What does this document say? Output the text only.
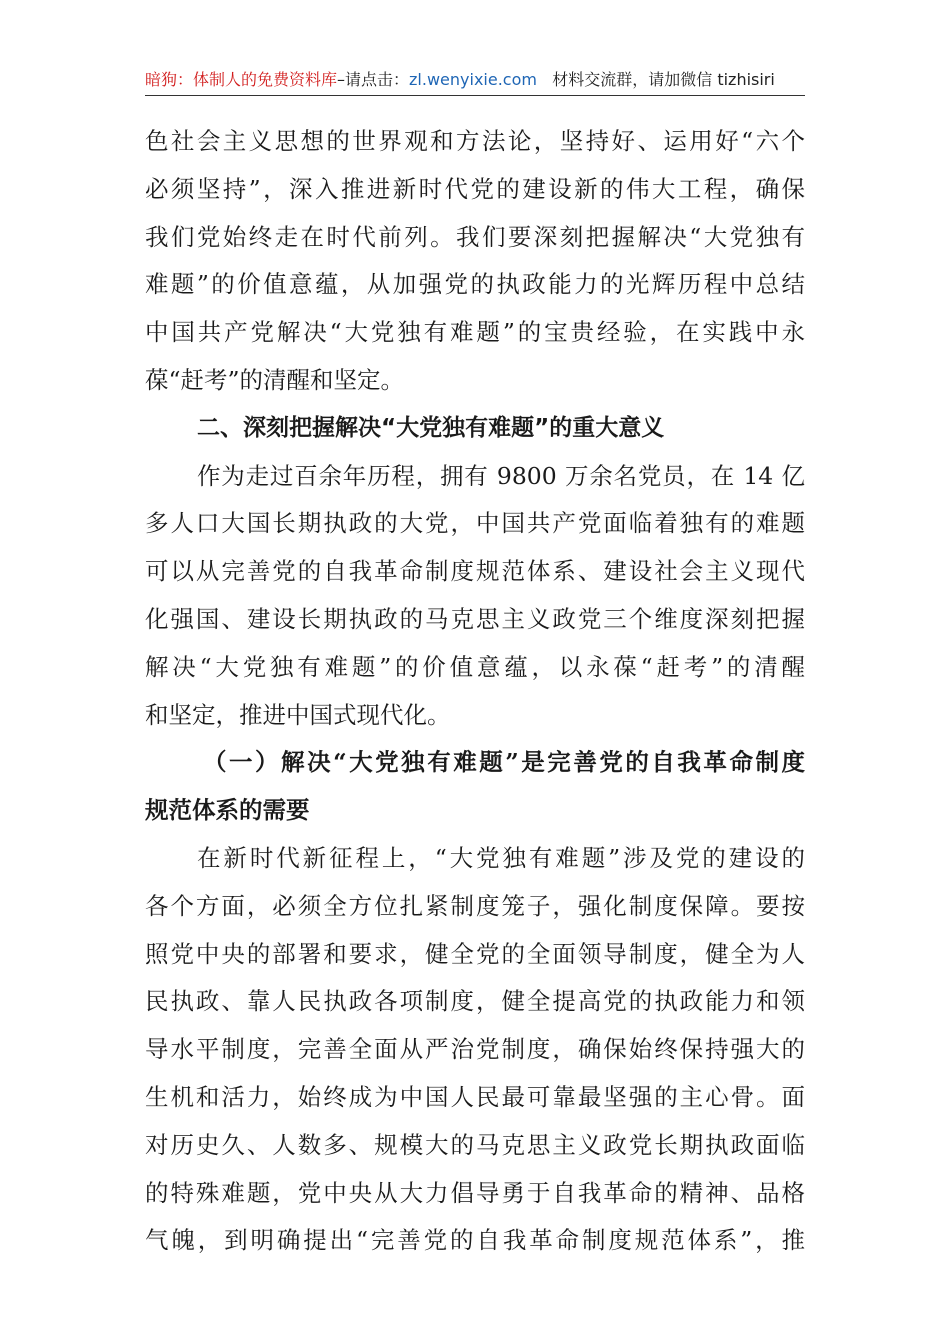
暗狗：体制人的免费资料库–请点击：zl.wenyixie.com 材料交流群，请加微信 tizhisiri
色社会主义思想的世界观和方法论，坚持好、运用好“六个
必须坚持”，深入推进新时代党的建设新的伟大工程，确保
我们党始终走在时代前列。我们要深刻把握解决“大党独有
难题”的价值意蕴，从加强党的执政能力的光辉历程中总结
中国共产党解决“大党独有难题”的宝贵经验，在实践中永
葆“赶考”的清醒和坚定。
二、深刻把握解决“大党独有难题”的重大意义
作为走过百余年历程，拥有 9800 万余名党员，在 14 亿
多人口大国长期执政的大党，中国共产党面临着独有的难题
可以从完善党的自我革命制度规范体系、建设社会主义现代
化强国、建设长期执政的马克思主义政党三个维度深刻把握
解决“大党独有难题”的价值意蕴，以永葆“赶考”的清醒
和坚定，推进中国式现代化。
（一）解决“大党独有难题”是完善党的自我革命制度
规范体系的需要
在新时代新征程上，“大党独有难题”涉及党的建设的
各个方面，必须全方位扎紧制度笼子，强化制度保障。要按
照党中央的部署和要求，健全党的全面领导制度，健全为人
民执政、靠人民执政各项制度，健全提高党的执政能力和领
导水平制度，完善全面从严治党制度，确保始终保持强大的
生机和活力，始终成为中国人民最可靠最坚强的主心骨。面
对历史久、人数多、规模大的马克思主义政党长期执政面临
的特殊难题，党中央从大力倡导勇于自我革命的精神、品格
气魄，到明确提出“完善党的自我革命制度规范体系”，推
